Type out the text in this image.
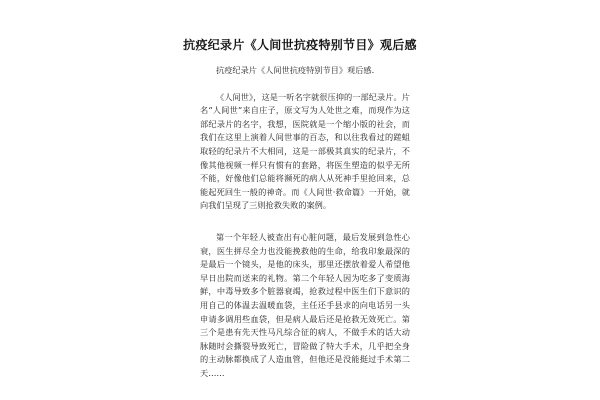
抗疫纪录片《人间世抗疫特别节目》观后感

抗疫纪录片《人间世抗疫特别节目》观后感.

《人间世》，这是一听名字就很压抑的一部纪录片。片名“人间世”来自庄子，原文写为人处世之难，而现作为这部纪录片的名字，我想，医院就是一个缩小版的社会，而我们在这里上演着人间世事的百态，和以往我看过的蹉蛆取轻的纪录片不大相同，这是一部极其真实的纪录片，不像其他视频一样只有惯有的套路，将医生塑造的似乎无所不能，好像他们总能将濒死的病人从死神手里抢回来，总能起死回生一般的神奇。而《人间世·救命篇》一开始，就向我们呈现了三则抢救失败的案例。

第一个年轻人被查出有心脏问题，最后发展到急性心衰，医生拼尽全力也没能挽救他的生命，给我印象最深的是最后一个镜头，是他的床头，那里还摆放着爱人希望他早日出院而送来的礼物。第二个年轻人因为吃多了变质海鲜，中毒导致多个脏器衰竭，抢救过程中医生们下意识的用自己的体温去温暖血袋，主任还手县求的向电话另一头申请多调用些血袋，但是病人最后还是抢救无效死亡。第三个是患有先天性马凡综合征的病人，不做手术的话大动脉随时会撕裂导致死亡，冒险做了特大手术，几乎把全身的主动脉都换成了人造血管，但他还是没能挺过手术第二天……
